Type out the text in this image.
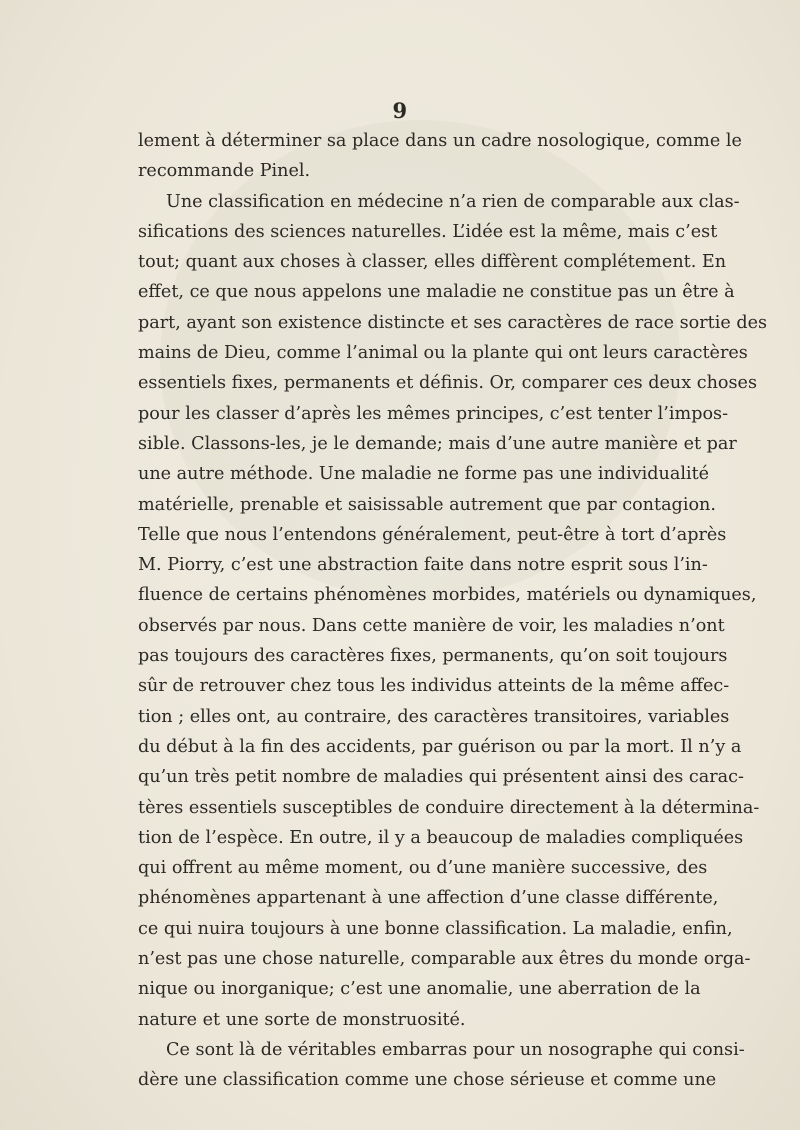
9
lement à déterminer sa place dans un cadre nosologique, comme le
recommande Pinel.
Une classification en médecine n’a rien de comparable aux clas-
sifications des sciences naturelles. L’idée est la même, mais c’est
tout; quant aux choses à classer, elles diffèrent complétement. En
effet, ce que nous appelons une maladie ne constitue pas un être à
part, ayant son existence distincte et ses caractères de race sortie des
mains de Dieu, comme l’animal ou la plante qui ont leurs caractères
essentiels fixes, permanents et définis. Or, comparer ces deux choses
pour les classer d’après les mêmes principes, c’est tenter l’impos-
sible. Classons-les, je le demande; mais d’une autre manière et par
une autre méthode. Une maladie ne forme pas une individualité
matérielle, prenable et saisissable autrement que par contagion.
Telle que nous l’entendons généralement, peut-être à tort d’après
M. Piorry, c’est une abstraction faite dans notre esprit sous l’in-
fluence de certains phénomènes morbides, matériels ou dynamiques,
observés par nous. Dans cette manière de voir, les maladies n’ont
pas toujours des caractères fixes, permanents, qu’on soit toujours
sûr de retrouver chez tous les individus atteints de la même affec-
tion ; elles ont, au contraire, des caractères transitoires, variables
du début à la fin des accidents, par guérison ou par la mort. Il n’y a
qu’un très petit nombre de maladies qui présentent ainsi des carac-
tères essentiels susceptibles de conduire directement à la détermina-
tion de l’espèce. En outre, il y a beaucoup de maladies compliquées
qui offrent au même moment, ou d’une manière successive, des
phénomènes appartenant à une affection d’une classe différente,
ce qui nuira toujours à une bonne classification. La maladie, enfin,
n’est pas une chose naturelle, comparable aux êtres du monde orga-
nique ou inorganique; c’est une anomalie, une aberration de la
nature et une sorte de monstruosité.
Ce sont là de véritables embarras pour un nosographe qui consi-
dère une classification comme une chose sérieuse et comme une
